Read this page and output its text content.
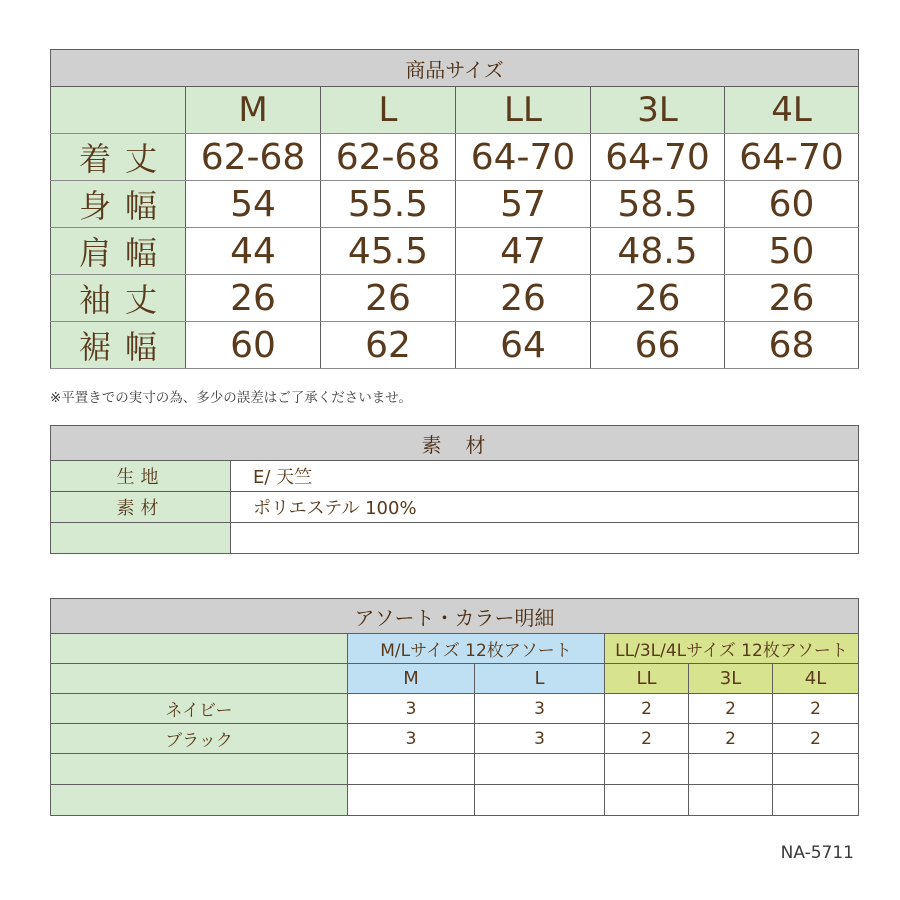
商品サイズ					
	M	L	LL	3L	4L
着丈	62-68	62-68	64-70	64-70	64-70
身幅	54	55.5	57	58.5	60
肩幅	44	45.5	47	48.5	50
袖丈	26	26	26	26	26
裾幅	60	62	64	66	68
※平置きでの実寸の為、多少の誤差はご了承くださいませ。
素　材	
生地	E/ 天竺
素材	ポリエステル 100%

アソート・カラー明細					
	M/Lサイズ 12枚アソート		LL/3L/4Lサイズ 12枚アソート		
	M	L	LL	3L	4L
ネイビー	3	3	2	2	2
ブラック	3	3	2	2	2

NA-5711
